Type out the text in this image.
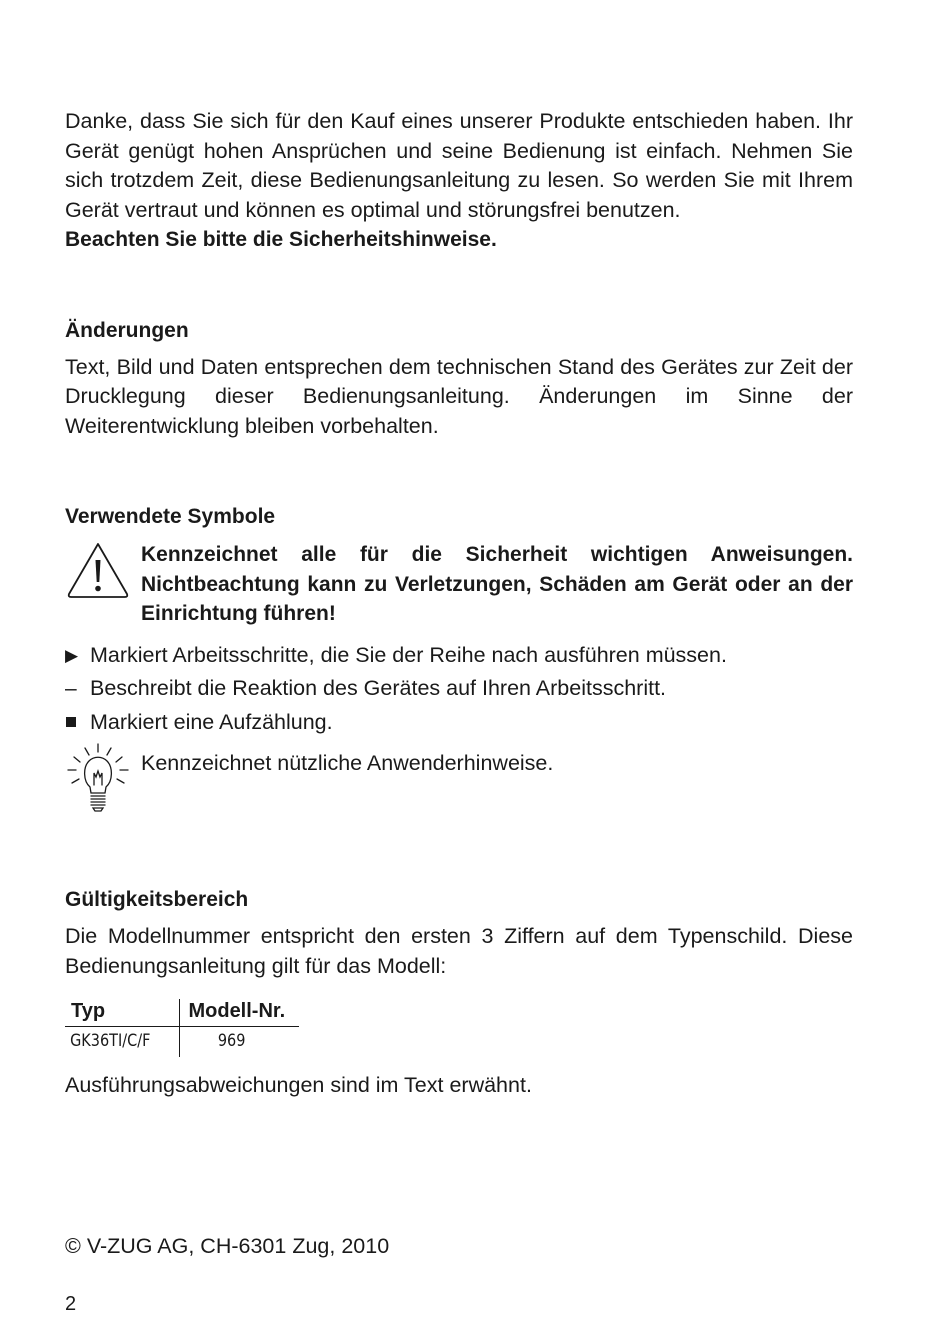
Danke, dass Sie sich für den Kauf eines unserer Produkte entschieden haben. Ihr Gerät genügt hohen Ansprüchen und seine Bedienung ist einfach. Nehmen Sie sich trotzdem Zeit, diese Bedienungsanleitung zu lesen. So werden Sie mit Ihrem Gerät vertraut und können es optimal und störungsfrei benutzen.

Beachten Sie bitte die Sicherheitshinweise.

Änderungen

Text, Bild und Daten entsprechen dem technischen Stand des Gerätes zur Zeit der Drucklegung dieser Bedienungsanleitung. Änderungen im Sinne der Weiterentwicklung bleiben vorbehalten.

Verwendete Symbole

Kennzeichnet alle für die Sicherheit wichtigen Anweisungen. Nichtbeachtung kann zu Verletzungen, Schäden am Gerät oder an der Einrichtung führen!

▶ Markiert Arbeitsschritte, die Sie der Reihe nach ausführen müssen.
– Beschreibt die Reaktion des Gerätes auf Ihren Arbeitsschritt.
Markiert eine Aufzählung.

Kennzeichnet nützliche Anwenderhinweise.

Gültigkeitsbereich

Die Modellnummer entspricht den ersten 3 Ziffern auf dem Typenschild. Diese Bedienungsanleitung gilt für das Modell:

Typ	Modell-Nr.
GK36TI/C/F	969

Ausführungsabweichungen sind im Text erwähnt.

© V-ZUG AG, CH-6301 Zug, 2010

2
